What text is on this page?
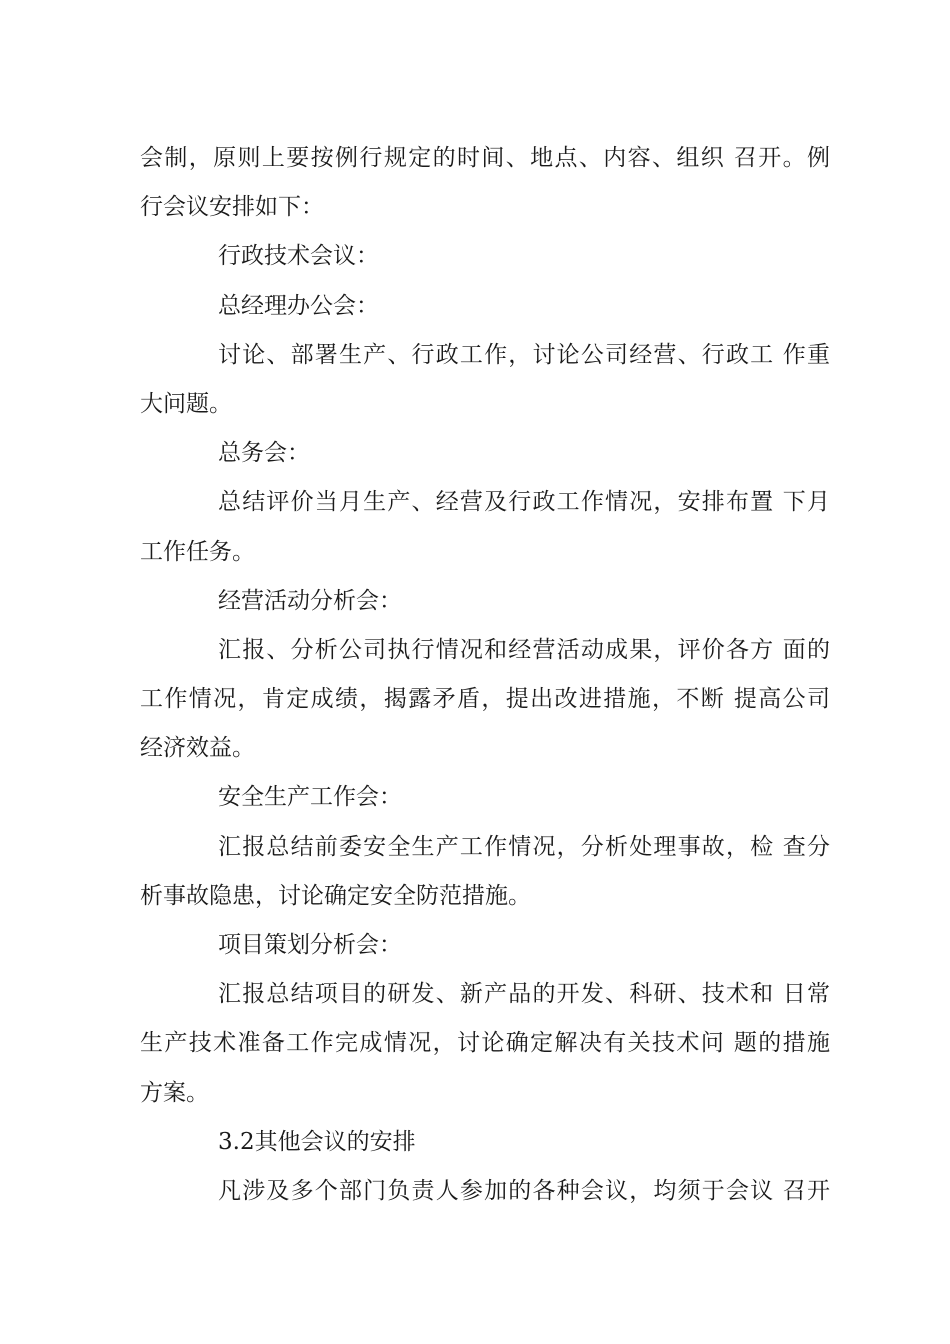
会制，原则上要按例行规定的时间、地点、内容、组织 召开。例
行会议安排如下：
行政技术会议：
总经理办公会：
讨论、部署生产、行政工作，讨论公司经营、行政工 作重
大问题。
总务会：
总结评价当月生产、经营及行政工作情况，安排布置 下月
工作任务。
经营活动分析会：
汇报、分析公司执行情况和经营活动成果，评价各方 面的
工作情况，肯定成绩，揭露矛盾，提出改进措施，不断 提高公司
经济效益。
安全生产工作会：
汇报总结前委安全生产工作情况，分析处理事故，检 查分
析事故隐患，讨论确定安全防范措施。
项目策划分析会：
汇报总结项目的研发、新产品的开发、科研、技术和 日常
生产技术准备工作完成情况，讨论确定解决有关技术问 题的措施
方案。
3.2其他会议的安排
凡涉及多个部门负责人参加的各种会议，均须于会议 召开
